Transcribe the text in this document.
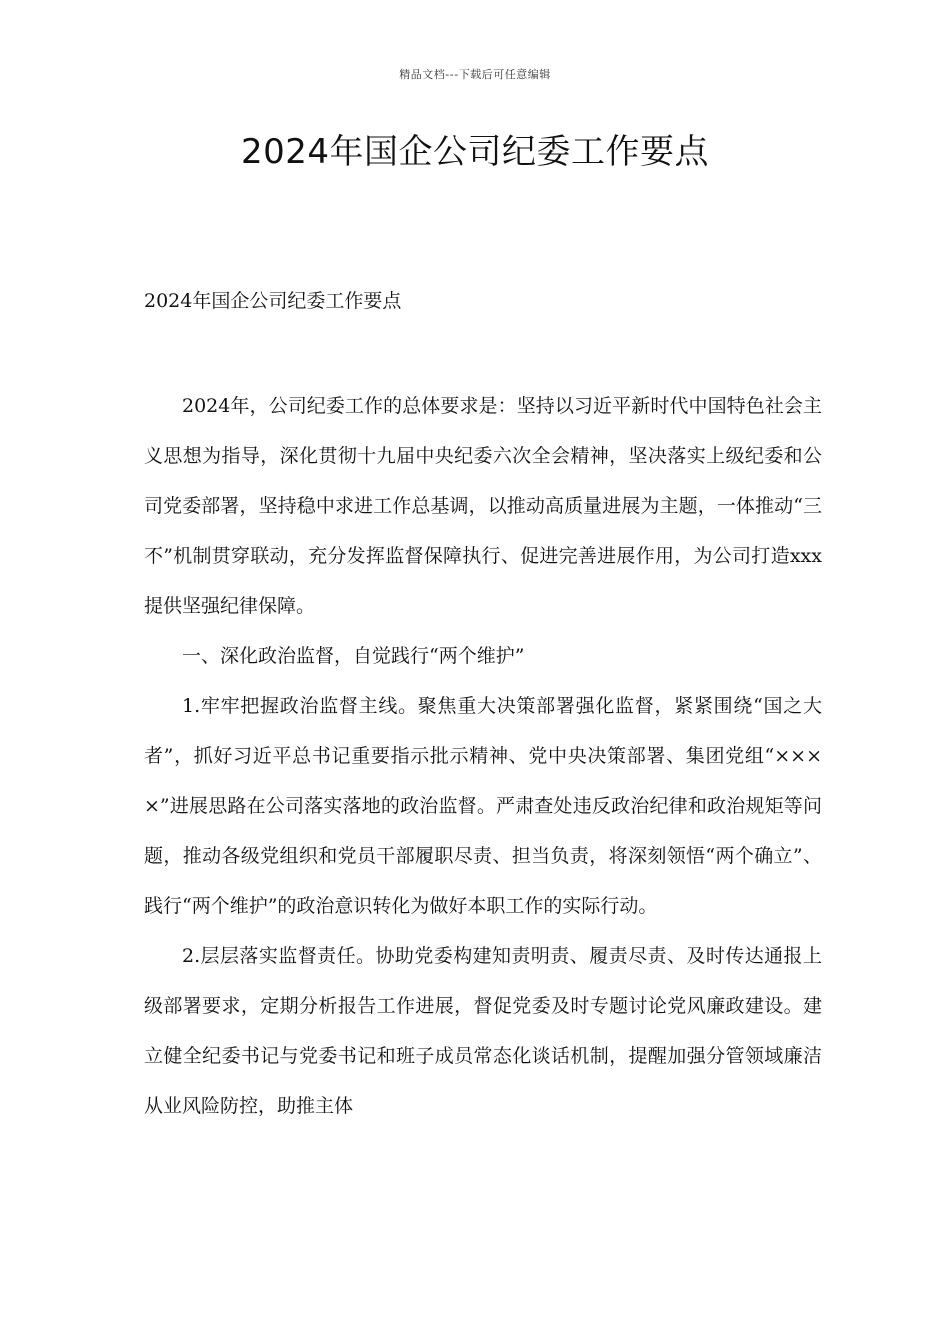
精品文档---下载后可任意编辑
2024年国企公司纪委工作要点

2024年国企公司纪委工作要点

2024年，公司纪委工作的总体要求是：坚持以习近平新时代中国特色社会主义思想为指导，深化贯彻十九届中央纪委六次全会精神，坚决落实上级纪委和公司党委部署，坚持稳中求进工作总基调，以推动高质量进展为主题，一体推动“三不”机制贯穿联动，充分发挥监督保障执行、促进完善进展作用，为公司打造xxx提供坚强纪律保障。

一、深化政治监督，自觉践行“两个维护”

1.牢牢把握政治监督主线。聚焦重大决策部署强化监督，紧紧围绕“国之大者”，抓好习近平总书记重要指示批示精神、党中央决策部署、集团党组“××××”进展思路在公司落实落地的政治监督。严肃查处违反政治纪律和政治规矩等问题，推动各级党组织和党员干部履职尽责、担当负责，将深刻领悟“两个确立”、践行“两个维护”的政治意识转化为做好本职工作的实际行动。

2.层层落实监督责任。协助党委构建知责明责、履责尽责、及时传达通报上级部署要求，定期分析报告工作进展，督促党委及时专题讨论党风廉政建设。建立健全纪委书记与党委书记和班子成员常态化谈话机制，提醒加强分管领域廉洁从业风险防控，助推主体
